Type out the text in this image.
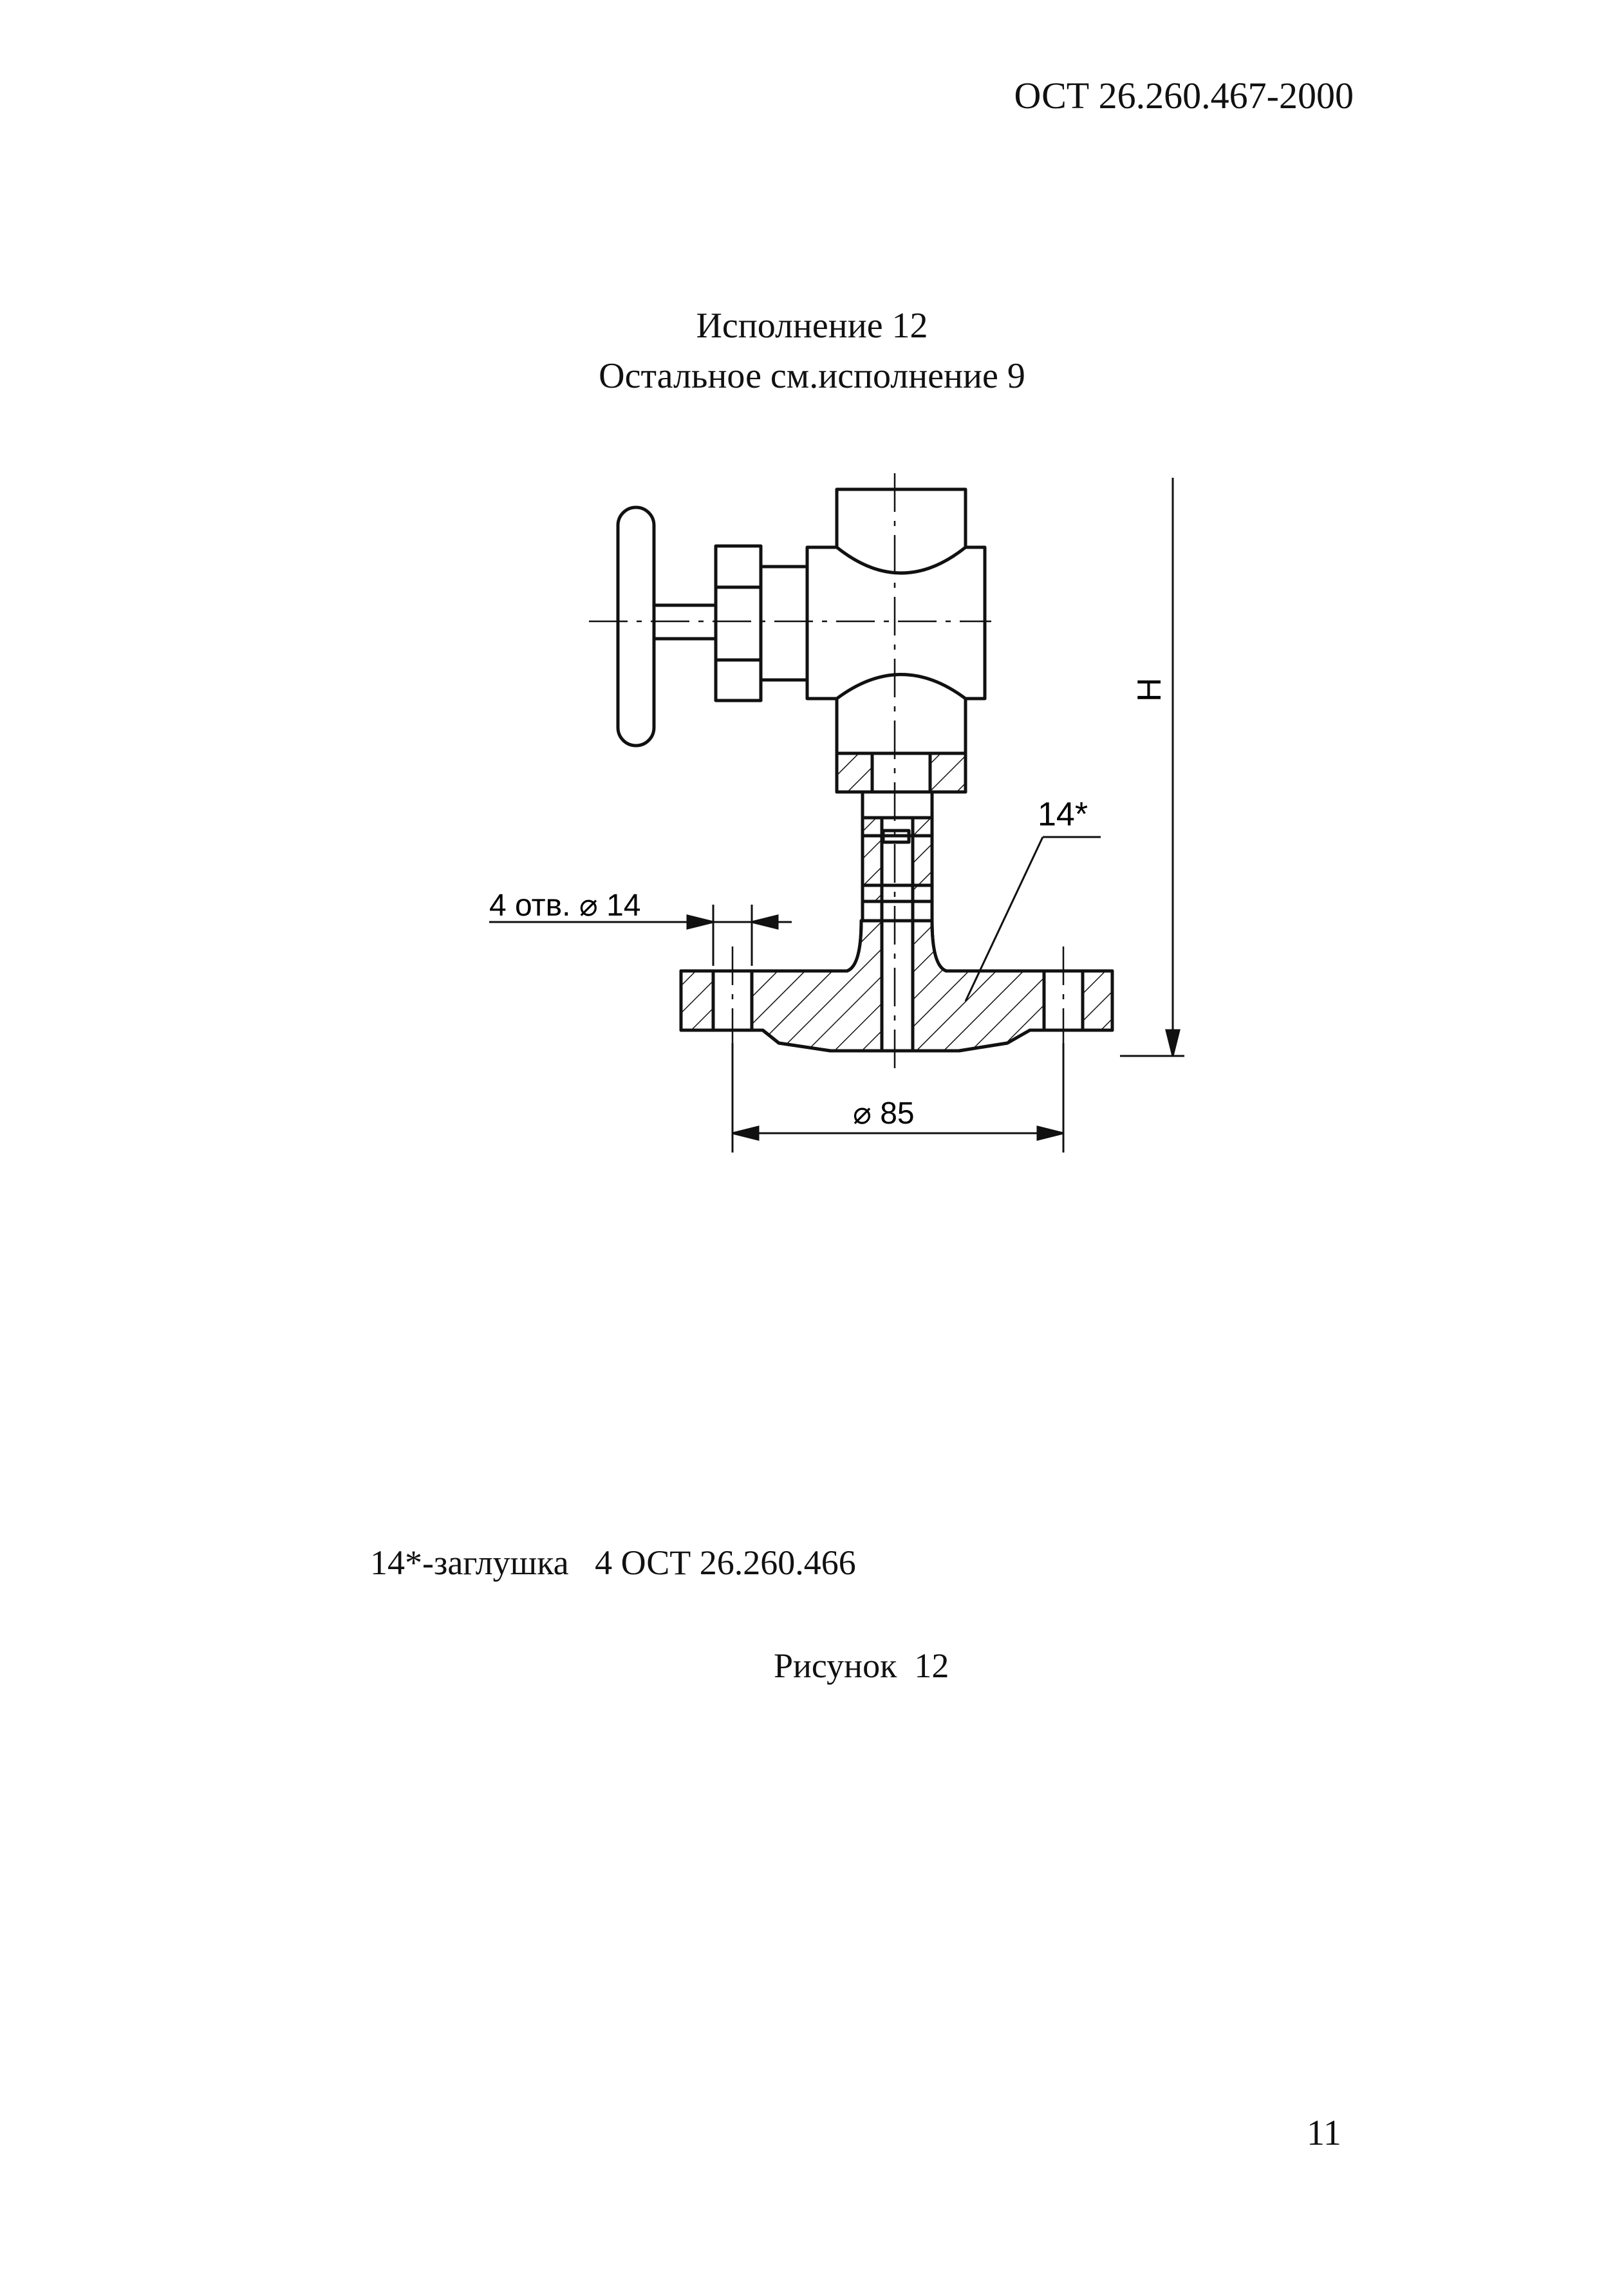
ОСТ 26.260.467-2000
Исполнение 12
Остальное см.исполнение 9
Н
14*
4 отв. ⌀ 14
⌀ 85
14*-заглушка   4 ОСТ 26.260.466
Рисунок  12
11
